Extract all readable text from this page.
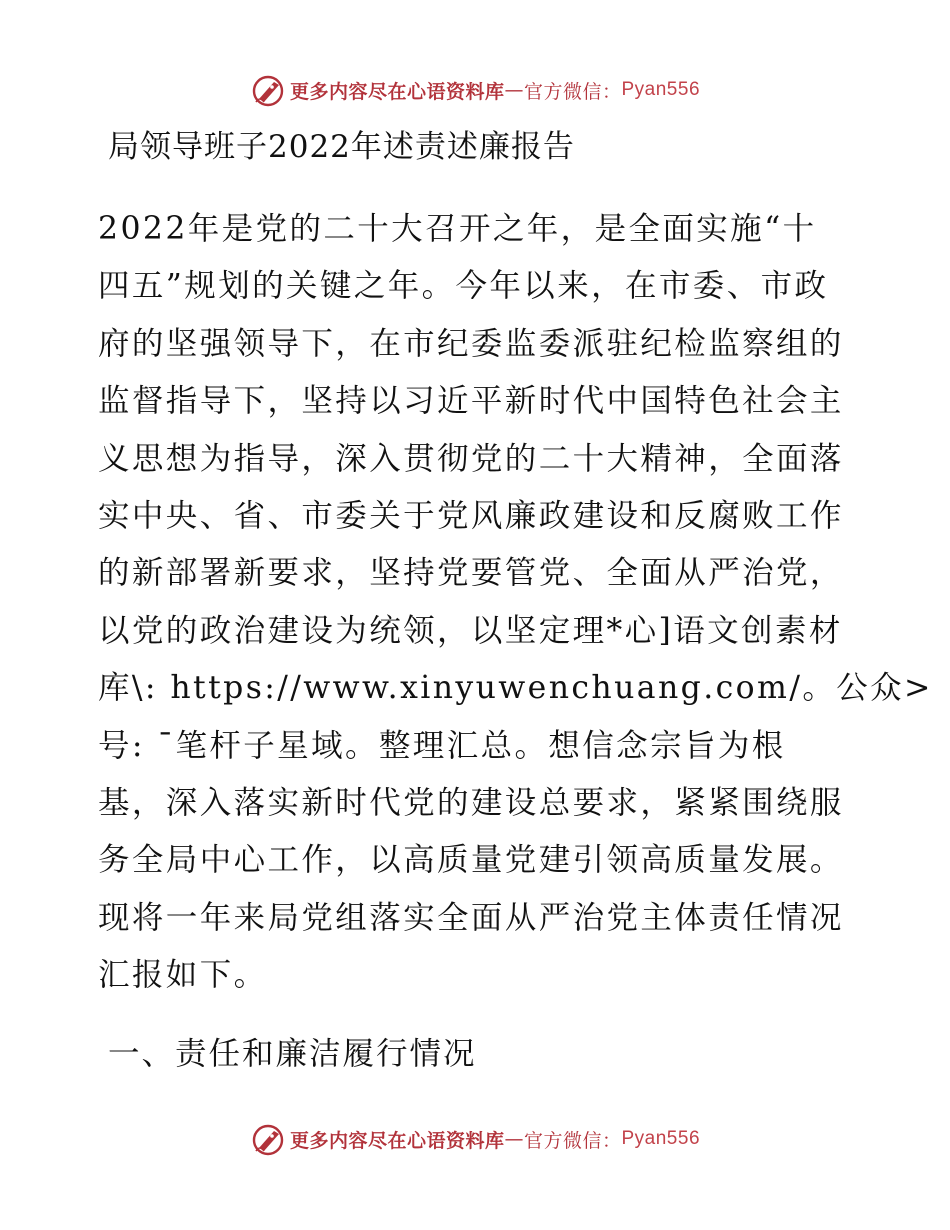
更多内容尽在心语资料库 — 官方微信： Pyan556
局领导班子2022年述责述廉报告
2022年是党的二十大召开之年，是全面实施“十
四五”规划的关键之年。今年以来，在市委、市政
府的坚强领导下，在市纪委监委派驻纪检监察组的
监督指导下，坚持以习近平新时代中国特色社会主
义思想为指导，深入贯彻党的二十大精神，全面落
实中央、省、市委关于党风廉政建设和反腐败工作
的新部署新要求，坚持党要管党、全面从严治党，
以党的政治建设为统领，以坚定理*心]语文创素材
库\: https://www.xinyuwenchuang.com/。公众>
号: ¯笔杆子星域。整理汇总。想信念宗旨为根
基，深入落实新时代党的建设总要求，紧紧围绕服
务全局中心工作，以高质量党建引领高质量发展。
现将一年来局党组落实全面从严治党主体责任情况
汇报如下。
一、责任和廉洁履行情况
更多内容尽在心语资料库 — 官方微信： Pyan556
